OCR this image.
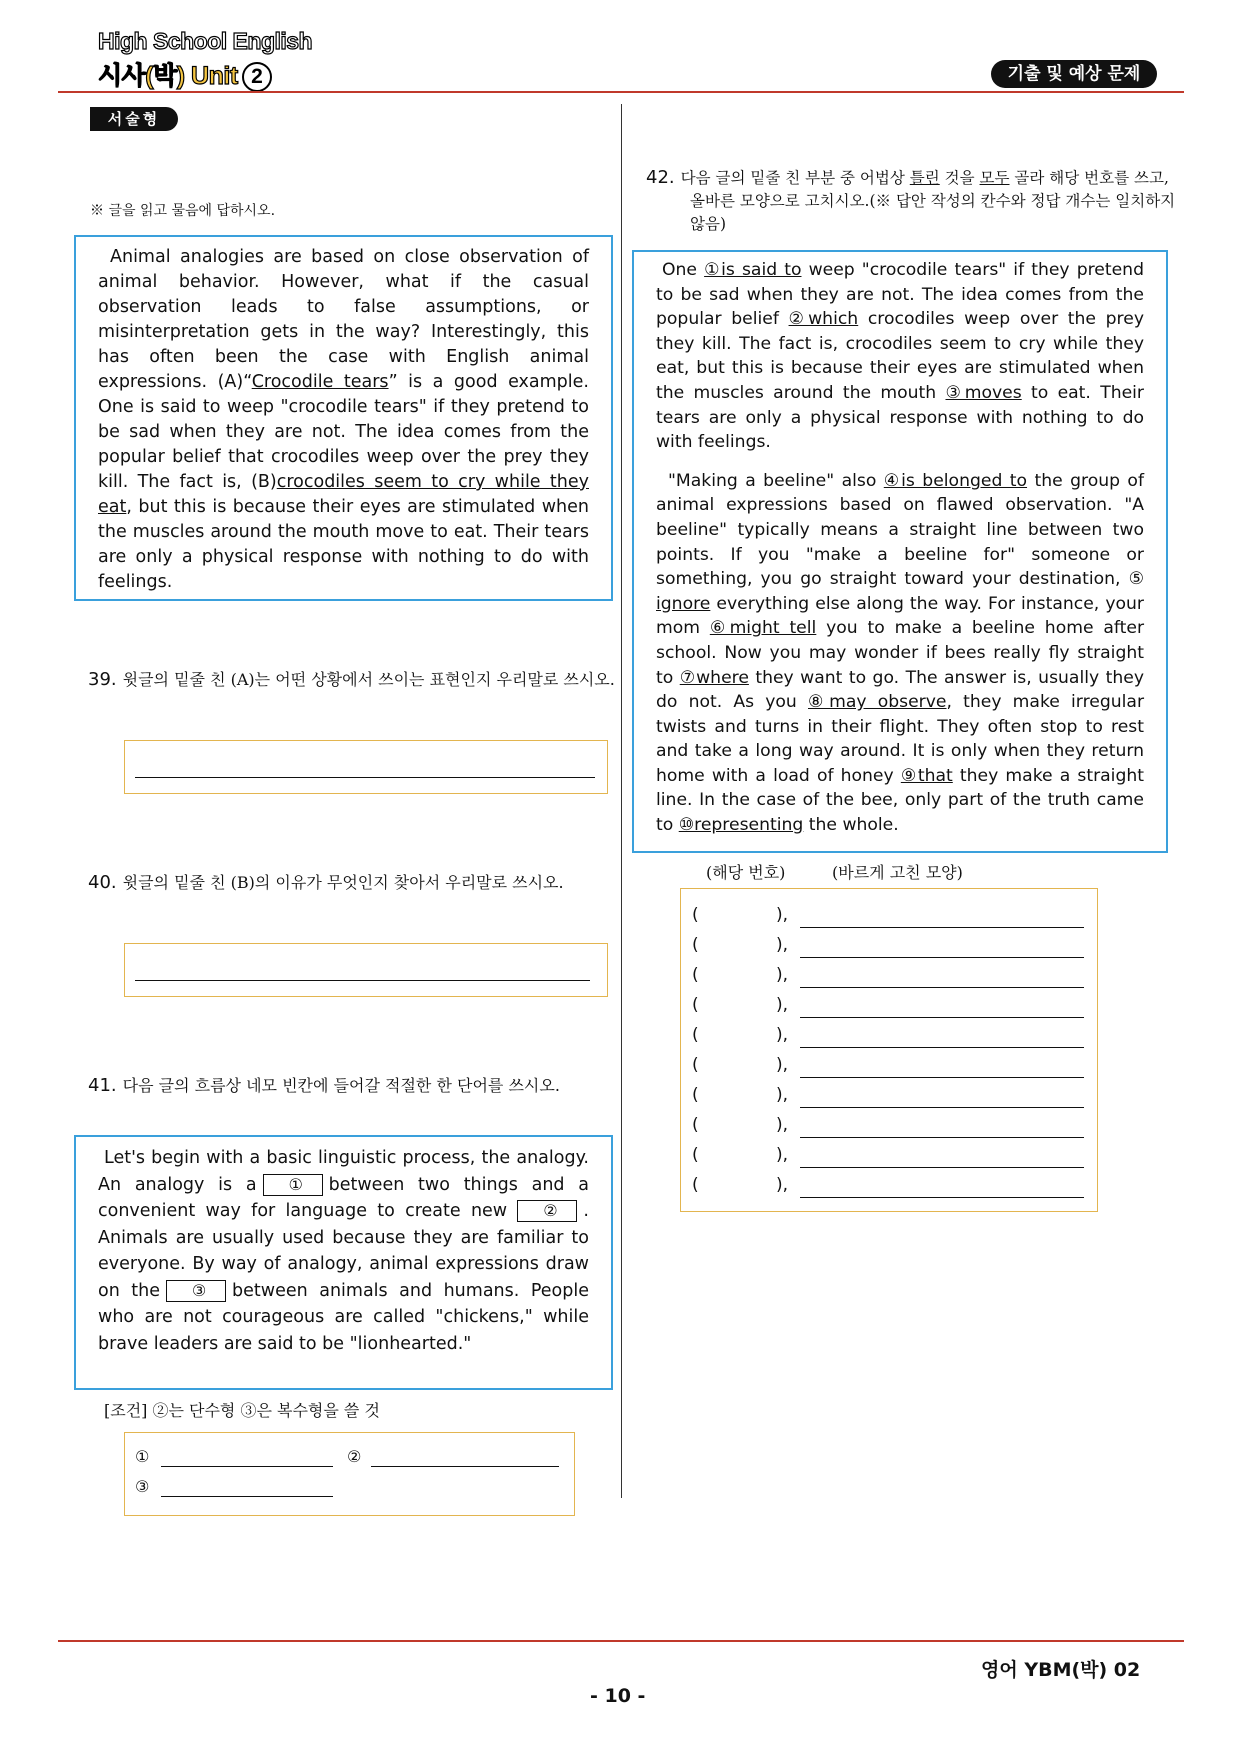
High School English
시사(박) Unit 2	기출 및 예상 문제
서술형
※ 글을 읽고 물음에 답하시오.

Animal analogies are based on close observation of animal behavior. However, what if the casual observation leads to false assumptions, or misinterpretation gets in the way? Interestingly, this has often been the case with English animal expressions. (A)“Crocodile tears” is a good example. One is said to weep "crocodile tears" if they pretend to be sad when they are not. The idea comes from the popular belief that crocodiles weep over the prey they kill. The fact is, (B)crocodiles seem to cry while they eat, but this is because their eyes are stimulated when the muscles around the mouth move to eat. Their tears are only a physical response with nothing to do with feelings.

39. 윗글의 밑줄 친 (A)는 어떤 상황에서 쓰이는 표현인지 우리말로 쓰시오.
40. 윗글의 밑줄 친 (B)의 이유가 무엇인지 찾아서 우리말로 쓰시오.
41. 다음 글의 흐름상 네모 빈칸에 들어갈 적절한 한 단어를 쓰시오.

Let's begin with a basic linguistic process, the analogy. An analogy is a ① between two things and a convenient way for language to create new ② . Animals are usually used because they are familiar to everyone. By way of analogy, animal expressions draw on the ③ between animals and humans. People who are not courageous are called "chickens," while brave leaders are said to be "lionhearted."

[조건] ②는 단수형 ③은 복수형을 쓸 것
①	②
③
42. 다음 글의 밑줄 친 부분 중 어법상 틀린 것을 모두 골라 해당 번호를 쓰고, 올바른 모양으로 고치시오.(※ 답안 작성의 칸수와 정답 개수는 일치하지 않음)

One ①is said to weep "crocodile tears" if they pretend to be sad when they are not. The idea comes from the popular belief ②which crocodiles weep over the prey they kill. The fact is, crocodiles seem to cry while they eat, but this is because their eyes are stimulated when the muscles around the mouth ③moves to eat. Their tears are only a physical response with nothing to do with feelings.

"Making a beeline" also ④is belonged to the group of animal expressions based on flawed observation. "A beeline" typically means a straight line between two points. If you "make a beeline for" someone or something, you go straight toward your destination, ⑤ ignore everything else along the way. For instance, your mom ⑥might tell you to make a beeline home after school. Now you may wonder if bees really fly straight to ⑦where they want to go. The answer is, usually they do not. As you ⑧may observe, they make irregular twists and turns in their flight. They often stop to rest and take a long way around. It is only when they return home with a load of honey ⑨that they make a straight line. In the case of the bee, only part of the truth came to ⑩representing the whole.

(해당 번호)	(바르게 고친 모양)
(	),
(	),
(	),
(	),
(	),
(	),
(	),
(	),
(	),
(	),
영어 YBM(박) 02
- 10 -
